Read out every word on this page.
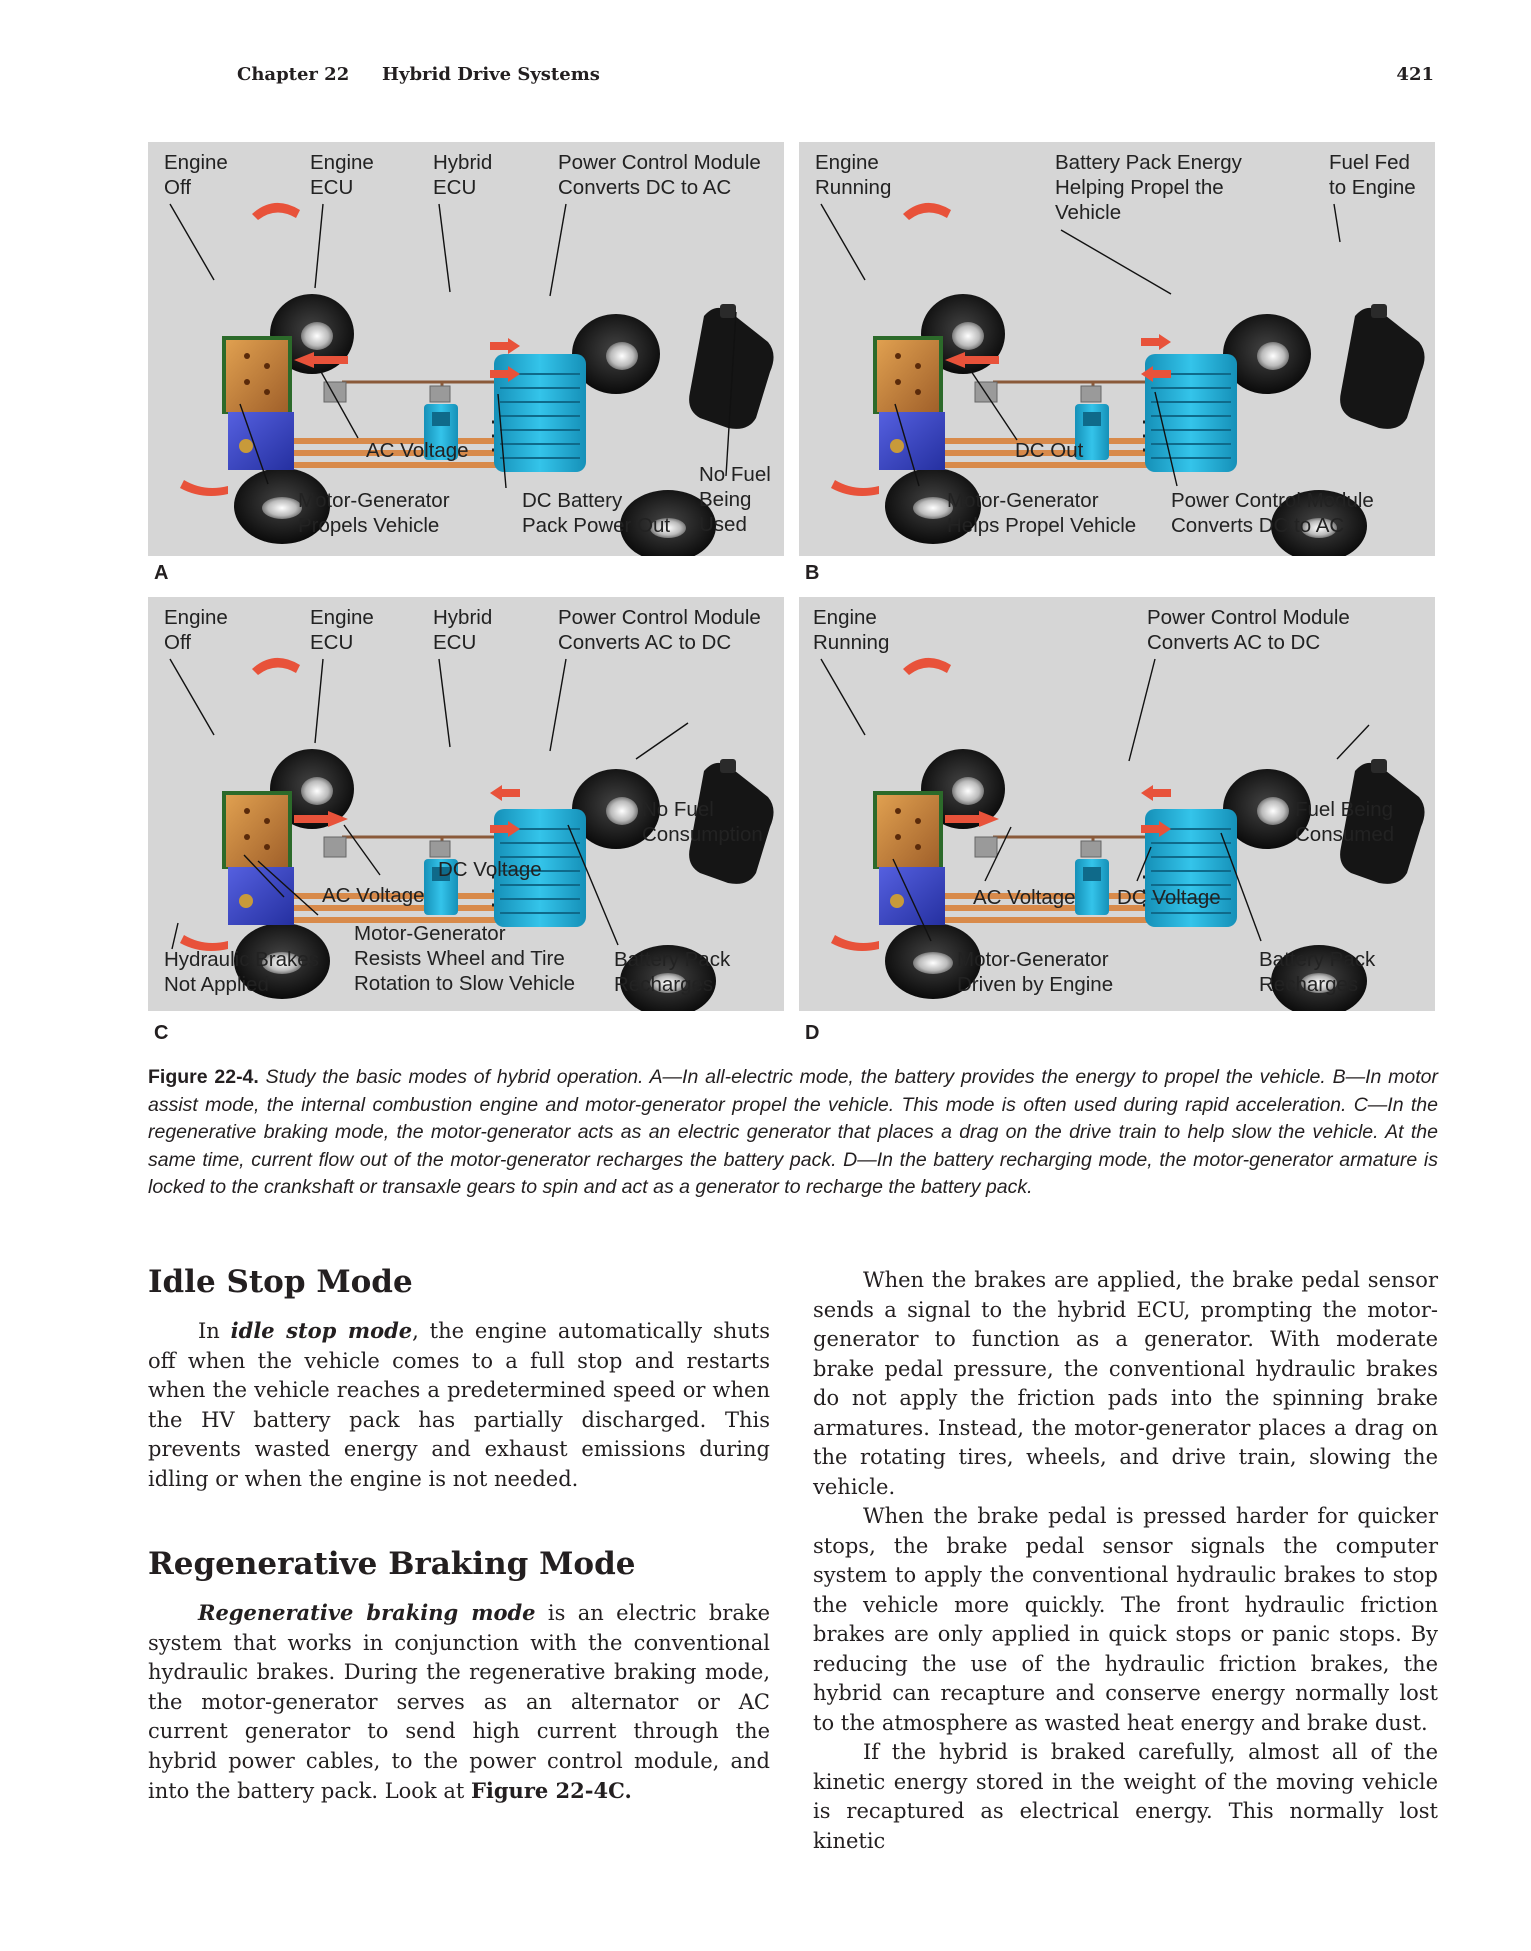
Chapter 22 Hybrid Drive Systems	421
Engine
Off
Engine
ECU
Hybrid
ECU
Power Control Module
Converts DC to AC
AC Voltage
Motor-Generator
Propels Vehicle
DC Battery
Pack Power Out
No Fuel
Being
Used
A
Engine
Running
Battery Pack Energy
Helping Propel the
Vehicle
Fuel Fed
to Engine
DC Out
Motor-Generator
Helps Propel Vehicle
Power Control Module
Converts DC to AC
B
Engine
Off
Engine
ECU
Hybrid
ECU
Power Control Module
Converts AC to DC
No Fuel
Consumption
DC Voltage
AC Voltage
Motor-Generator
Resists Wheel and Tire
Rotation to Slow Vehicle
Hydraulic Brakes
Not Applied
Battery Pack
Recharges
C
Engine
Running
Power Control Module
Converts AC to DC
Fuel Being
Consumed
AC Voltage DC Voltage
Motor-Generator
Driven by Engine
Battery Pack
Recharges
D
Figure 22-4. Study the basic modes of hybrid operation. A—In all-electric mode, the battery provides the energy to propel the vehicle. B—In motor assist mode, the internal combustion engine and motor-generator propel the vehicle. This mode is often used during rapid acceleration. C—In the regenerative braking mode, the motor-generator acts as an electric generator that places a drag on the drive train to help slow the vehicle. At the same time, current flow out of the motor-generator recharges the battery pack. D—In the battery recharging mode, the motor-generator armature is locked to the crankshaft or transaxle gears to spin and act as a generator to recharge the battery pack.
Idle Stop Mode

In idle stop mode, the engine automatically shuts off when the vehicle comes to a full stop and restarts when the vehicle reaches a predetermined speed or when the HV battery pack has partially discharged. This prevents wasted energy and exhaust emissions during idling or when the engine is not needed.

Regenerative Braking Mode

Regenerative braking mode is an electric brake system that works in conjunction with the conventional hydraulic brakes. During the regenerative braking mode, the motor-generator serves as an alternator or AC current generator to send high current through the hybrid power cables, to the power control module, and into the battery pack. Look at Figure 22-4C.

When the brakes are applied, the brake pedal sensor sends a signal to the hybrid ECU, prompting the motor-generator to function as a generator. With moderate brake pedal pressure, the conventional hydraulic brakes do not apply the friction pads into the spinning brake armatures. Instead, the motor-generator places a drag on the rotating tires, wheels, and drive train, slowing the vehicle.

When the brake pedal is pressed harder for quicker stops, the brake pedal sensor signals the computer system to apply the conventional hydraulic brakes to stop the vehicle more quickly. The front hydraulic friction brakes are only applied in quick stops or panic stops. By reducing the use of the hydraulic friction brakes, the hybrid can recapture and conserve energy normally lost to the atmosphere as wasted heat energy and brake dust.

If the hybrid is braked carefully, almost all of the kinetic energy stored in the weight of the moving vehicle is recaptured as electrical energy. This normally lost kinetic
